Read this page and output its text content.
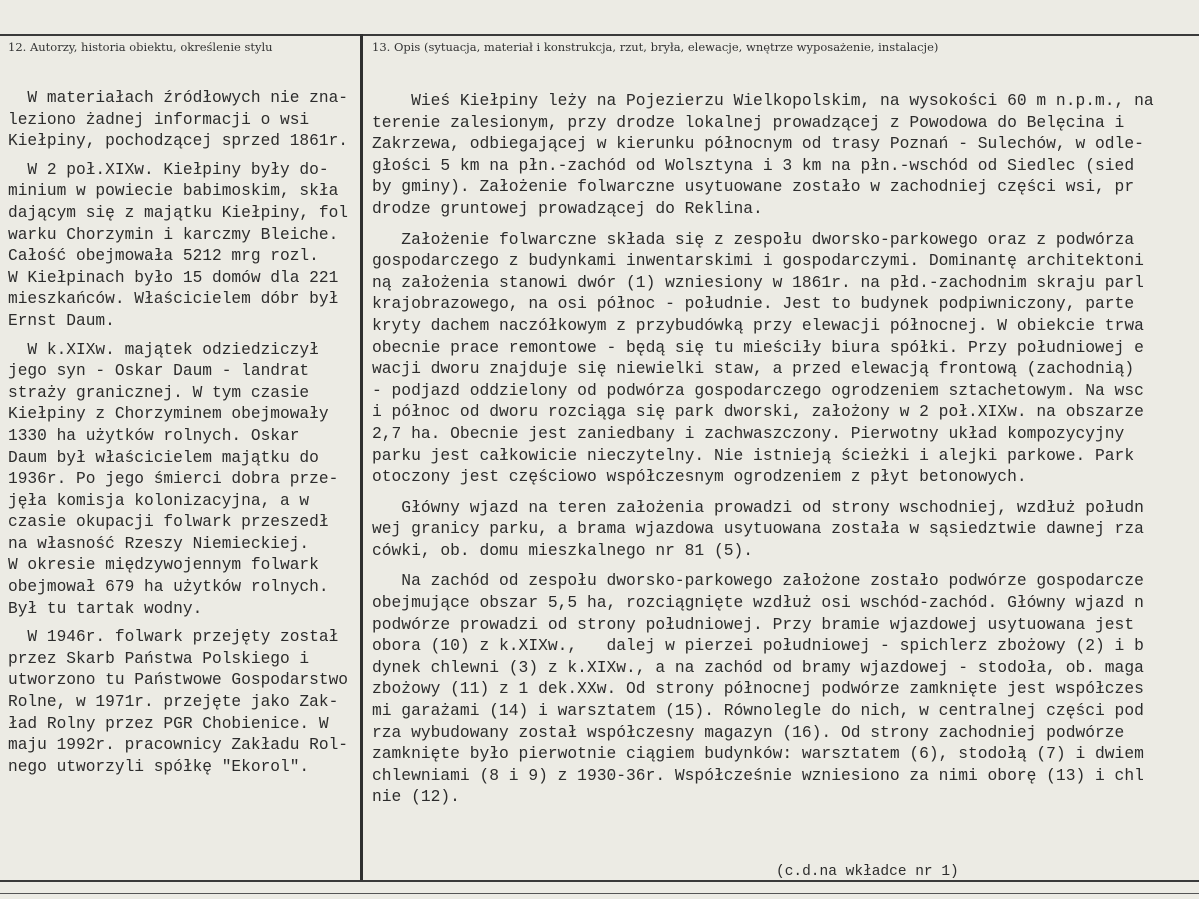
12. Autorzy, historia obiektu, określenie stylu	13. Opis (sytuacja, materiał i konstrukcja, rzut, bryła, elewacje, wnętrze wyposażenie, instalacje)
W materiałach źródłowych nie zna-
leziono żadnej informacji o wsi
Kiełpiny, pochodzącej sprzed 1861r.
W 2 poł.XIXw. Kiełpiny były do-
minium w powiecie babimoskim, skła
dającym się z majątku Kiełpiny, fol
warku Chorzymin i karczmy Bleiche.
Całość obejmowała 5212 mrg rozl.
W Kiełpinach było 15 domów dla 221
mieszkańców. Właścicielem dóbr był
Ernst Daum.
W k.XIXw. majątek odziedziczył
jego syn - Oskar Daum - landrat
straży granicznej. W tym czasie
Kiełpiny z Chorzyminem obejmowały
1330 ha użytków rolnych. Oskar
Daum był właścicielem majątku do
1936r. Po jego śmierci dobra prze-
jęła komisja kolonizacyjna, a w
czasie okupacji folwark przeszedł
na własność Rzeszy Niemieckiej.
W okresie międzywojennym folwark
obejmował 679 ha użytków rolnych.
Był tu tartak wodny.
W 1946r. folwark przejęty został
przez Skarb Państwa Polskiego i
utworzono tu Państwowe Gospodarstwo
Rolne, w 1971r. przejęte jako Zak-
ład Rolny przez PGR Chobienice. W
maju 1992r. pracownicy Zakładu Rol-
nego utworzyli spółkę "Ekorol".
Wieś Kiełpiny leży na Pojezierzu Wielkopolskim, na wysokości 60 m n.p.m., na
terenie zalesionym, przy drodze lokalnej prowadzącej z Powodowa do Belęcina i
Zakrzewa, odbiegającej w kierunku północnym od trasy Poznań - Sulechów, w odle-
głości 5 km na płn.-zachód od Wolsztyna i 3 km na płn.-wschód od Siedlec (sied
by gminy). Założenie folwarczne usytuowane zostało w zachodniej części wsi, pr
drodze gruntowej prowadzącej do Reklina.
Założenie folwarczne składa się z zespołu dworsko-parkowego oraz z podwórza
gospodarczego z budynkami inwentarskimi i gospodarczymi. Dominantę architektoni
ną założenia stanowi dwór (1) wzniesiony w 1861r. na płd.-zachodnim skraju parl
krajobrazowego, na osi północ - południe. Jest to budynek podpiwniczony, parte
kryty dachem naczółkowym z przybudówką przy elewacji północnej. W obiekcie trwa
obecnie prace remontowe - będą się tu mieściły biura spółki. Przy południowej e
wacji dworu znajduje się niewielki staw, a przed elewacją frontową (zachodnią)
- podjazd oddzielony od podwórza gospodarczego ogrodzeniem sztachetowym. Na wsc
i północ od dworu rozciąga się park dworski, założony w 2 poł.XIXw. na obszarze
2,7 ha. Obecnie jest zaniedbany i zachwaszczony. Pierwotny układ kompozycyjny
parku jest całkowicie nieczytelny. Nie istnieją ścieżki i alejki parkowe. Park
otoczony jest częściowo współczesnym ogrodzeniem z płyt betonowych.
Główny wjazd na teren założenia prowadzi od strony wschodniej, wzdłuż połudn
wej granicy parku, a brama wjazdowa usytuowana została w sąsiedztwie dawnej rza
cówki, ob. domu mieszkalnego nr 81 (5).
Na zachód od zespołu dworsko-parkowego założone zostało podwórze gospodarcze
obejmujące obszar 5,5 ha, rozciągnięte wzdłuż osi wschód-zachód. Główny wjazd n
podwórze prowadzi od strony południowej. Przy bramie wjazdowej usytuowana jest
obora (10) z k.XIXw.,   dalej w pierzei południowej - spichlerz zbożowy (2) i b
dynek chlewni (3) z k.XIXw., a na zachód od bramy wjazdowej - stodoła, ob. maga
zbożowy (11) z 1 dek.XXw. Od strony północnej podwórze zamknięte jest współczes
mi garażami (14) i warsztatem (15). Równolegle do nich, w centralnej części pod
rza wybudowany został współczesny magazyn (16). Od strony zachodniej podwórze
zamknięte było pierwotnie ciągiem budynków: warsztatem (6), stodołą (7) i dwiem
chlewniami (8 i 9) z 1930-36r. Współcześnie wzniesiono za nimi oborę (13) i chl
nie (12).
(c.d.na wkładce nr 1)
